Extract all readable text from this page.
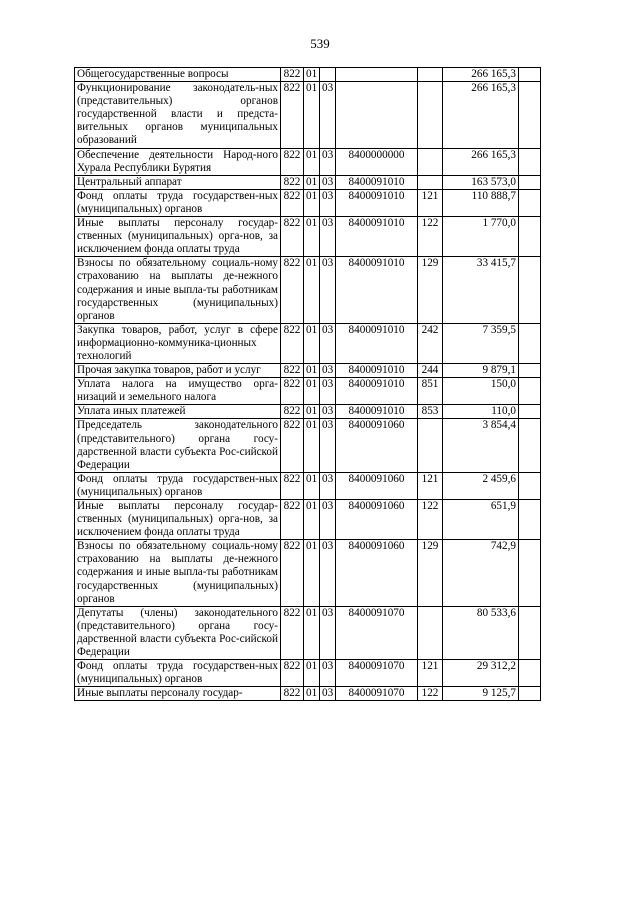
539
Общегосударственные вопросы	822	01				266 165,3	
Функционирование законодатель-ных (представительных) органов государственной власти и предста-вительных органов муниципальных образований	822	01	03			266 165,3	
Обеспечение деятельности Народ-ного Хурала Республики Бурятия	822	01	03	8400000000		266 165,3	
Центральный аппарат	822	01	03	8400091010		163 573,0	
Фонд оплаты труда государствен-ных (муниципальных) органов	822	01	03	8400091010	121	110 888,7	
Иные выплаты персоналу государ-ственных (муниципальных) орга-нов, за исключением фонда оплаты труда	822	01	03	8400091010	122	1 770,0	
Взносы по обязательному социаль-ному страхованию на выплаты де-нежного содержания и иные выпла-ты работникам государственных (муниципальных) органов	822	01	03	8400091010	129	33 415,7	
Закупка товаров, работ, услуг в сфере информационно-коммуника-ционных технологий	822	01	03	8400091010	242	7 359,5	
Прочая закупка товаров, работ и услуг	822	01	03	8400091010	244	9 879,1	
Уплата налога на имущество орга-низаций и земельного налога	822	01	03	8400091010	851	150,0	
Уплата иных платежей	822	01	03	8400091010	853	110,0	
Председатель законодательного (представительного) органа госу-дарственной власти субъекта Рос-сийской Федерации	822	01	03	8400091060		3 854,4	
Фонд оплаты труда государствен-ных (муниципальных) органов	822	01	03	8400091060	121	2 459,6	
Иные выплаты персоналу государ-ственных (муниципальных) орга-нов, за исключением фонда оплаты труда	822	01	03	8400091060	122	651,9	
Взносы по обязательному социаль-ному страхованию на выплаты де-нежного содержания и иные выпла-ты работникам государственных (муниципальных) органов	822	01	03	8400091060	129	742,9	
Депутаты (члены) законодательного (представительного) органа госу-дарственной власти субъекта Рос-сийской Федерации	822	01	03	8400091070		80 533,6	
Фонд оплаты труда государствен-ных (муниципальных) органов	822	01	03	8400091070	121	29 312,2	
Иные выплаты персоналу государ-	822	01	03	8400091070	122	9 125,7	
